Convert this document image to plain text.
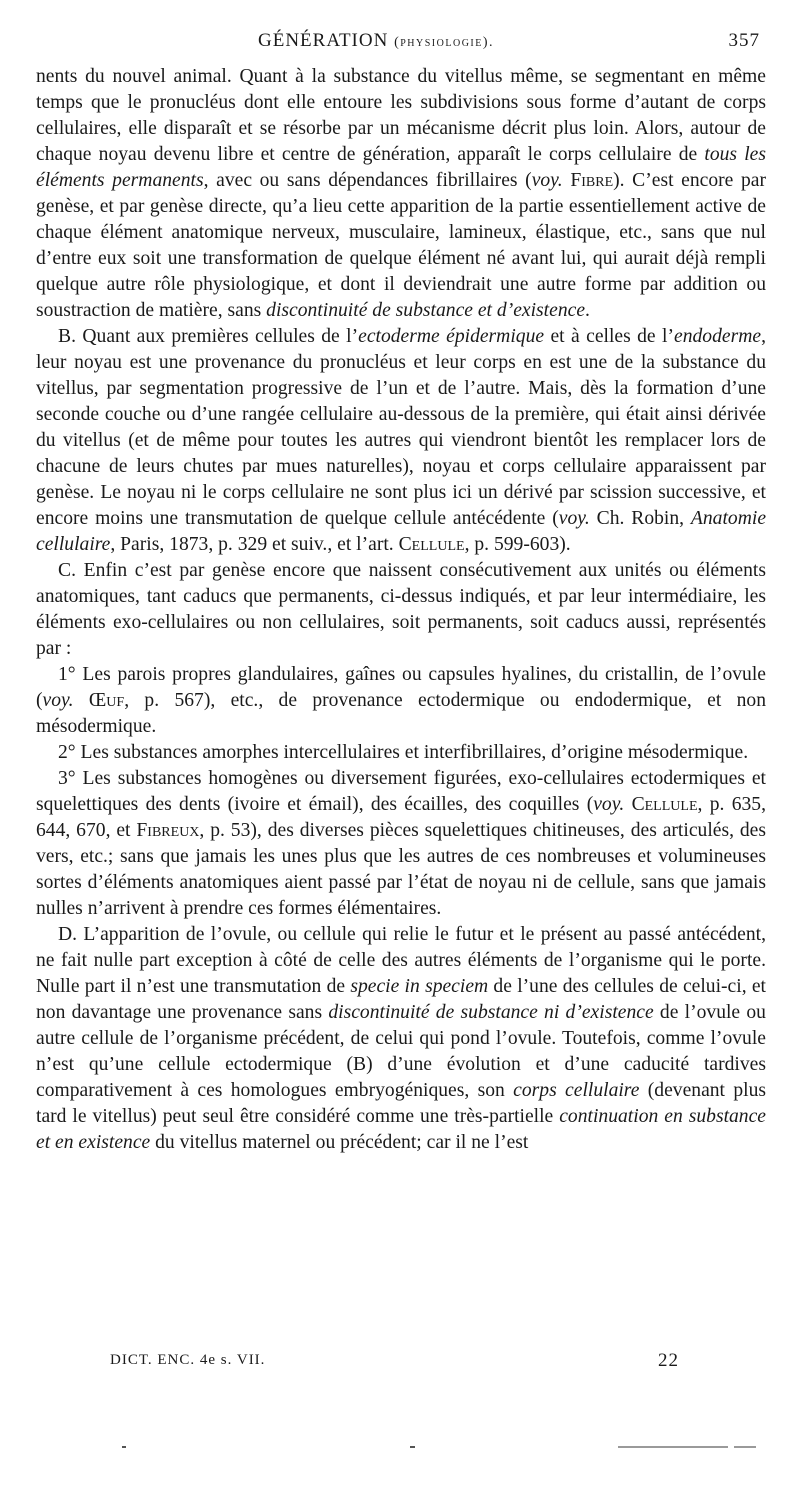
GÉNÉRATION (physiologie).	357

nents du nouvel animal. Quant à la substance du vitellus même, se segmentant en même temps que le pronucléus dont elle entoure les subdivisions sous forme d’autant de corps cellulaires, elle disparaît et se résorbe par un mécanisme décrit plus loin. Alors, autour de chaque noyau devenu libre et centre de génération, apparaît le corps cellulaire de tous les éléments permanents, avec ou sans dépendances fibrillaires (voy. Fibre). C’est encore par genèse, et par genèse directe, qu’a lieu cette apparition de la partie essentiellement active de chaque élément anatomique nerveux, musculaire, lamineux, élastique, etc., sans que nul d’entre eux soit une transformation de quelque élément né avant lui, qui aurait déjà rempli quelque autre rôle physiologique, et dont il deviendrait une autre forme par addition ou soustraction de matière, sans discontinuité de substance et d’existence.

B. Quant aux premières cellules de l’ectoderme épidermique et à celles de l’endoderme, leur noyau est une provenance du pronucléus et leur corps en est une de la substance du vitellus, par segmentation progressive de l’un et de l’autre. Mais, dès la formation d’une seconde couche ou d’une rangée cellulaire au-dessous de la première, qui était ainsi dérivée du vitellus (et de même pour toutes les autres qui viendront bientôt les remplacer lors de chacune de leurs chutes par mues naturelles), noyau et corps cellulaire apparaissent par genèse. Le noyau ni le corps cellulaire ne sont plus ici un dérivé par scission successive, et encore moins une transmutation de quelque cellule antécédente (voy. Ch. Robin, Anatomie cellulaire, Paris, 1873, p. 329 et suiv., et l’art. Cellule, p. 599-603).

C. Enfin c’est par genèse encore que naissent consécutivement aux unités ou éléments anatomiques, tant caducs que permanents, ci-dessus indiqués, et par leur intermédiaire, les éléments exo-cellulaires ou non cellulaires, soit permanents, soit caducs aussi, représentés par :

1° Les parois propres glandulaires, gaînes ou capsules hyalines, du cristallin, de l’ovule (voy. Œuf, p. 567), etc., de provenance ectodermique ou endodermique, et non mésodermique.

2° Les substances amorphes intercellulaires et interfibrillaires, d’origine mésodermique.

3° Les substances homogènes ou diversement figurées, exo-cellulaires ectodermiques et squelettiques des dents (ivoire et émail), des écailles, des coquilles (voy. Cellule, p. 635, 644, 670, et Fibreux, p. 53), des diverses pièces squelettiques chitineuses, des articulés, des vers, etc.; sans que jamais les unes plus que les autres de ces nombreuses et volumineuses sortes d’éléments anatomiques aient passé par l’état de noyau ni de cellule, sans que jamais nulles n’arrivent à prendre ces formes élémentaires.

D. L’apparition de l’ovule, ou cellule qui relie le futur et le présent au passé antécédent, ne fait nulle part exception à côté de celle des autres éléments de l’organisme qui le porte. Nulle part il n’est une transmutation de specie in speciem de l’une des cellules de celui-ci, et non davantage une provenance sans discontinuité de substance ni d’existence de l’ovule ou autre cellule de l’organisme précédent, de celui qui pond l’ovule. Toutefois, comme l’ovule n’est qu’une cellule ectodermique (B) d’une évolution et d’une caducité tardives comparativement à ces homologues embryogéniques, son corps cellulaire (devenant plus tard le vitellus) peut seul être considéré comme une très-partielle continuation en substance et en existence du vitellus maternel ou précédent; car il ne l’est

DICT. ENC. 4e s. VII.	22
